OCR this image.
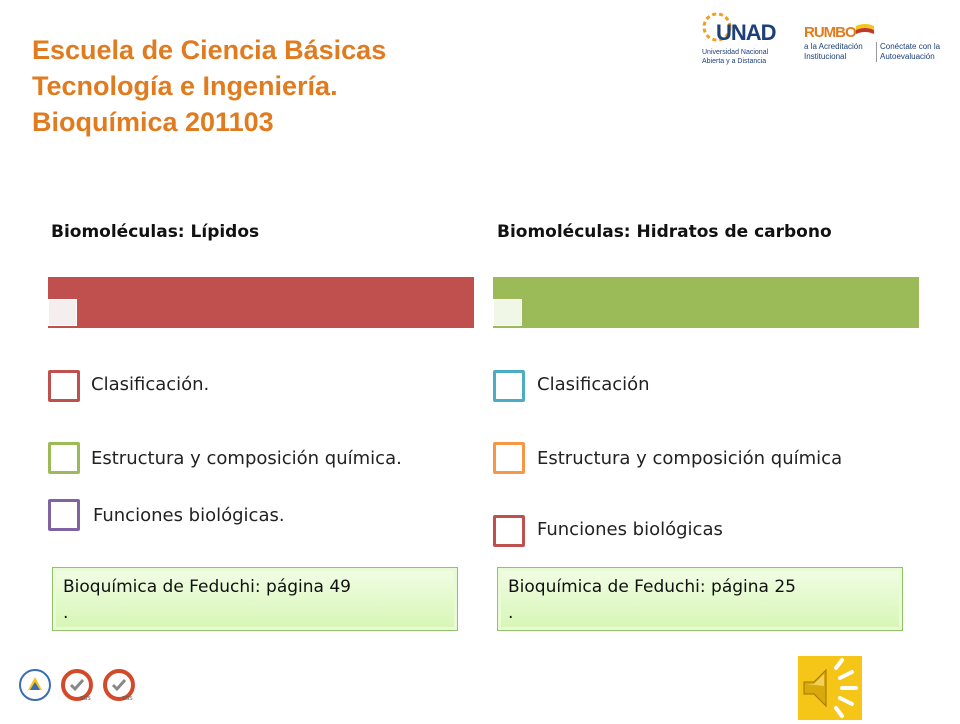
Escuela de Ciencia Básicas
Tecnología e Ingeniería.
Bioquímica 201103
UNAD
Universidad Nacional
Abierta y a Distancia
RUMBO
a la Acreditación
Institucional
Conéctate con la
Autoevaluación
Biomoléculas: Lípidos
Clasificación.
Estructura y composición química.
Funciones biológicas.
Bioquímica de Feduchi: página 49
.
Biomoléculas: Hidratos de carbono
Clasificación
Estructura y composición química
Funciones biológicas
Bioquímica de Feduchi: página 25
.
SGS	SGS
